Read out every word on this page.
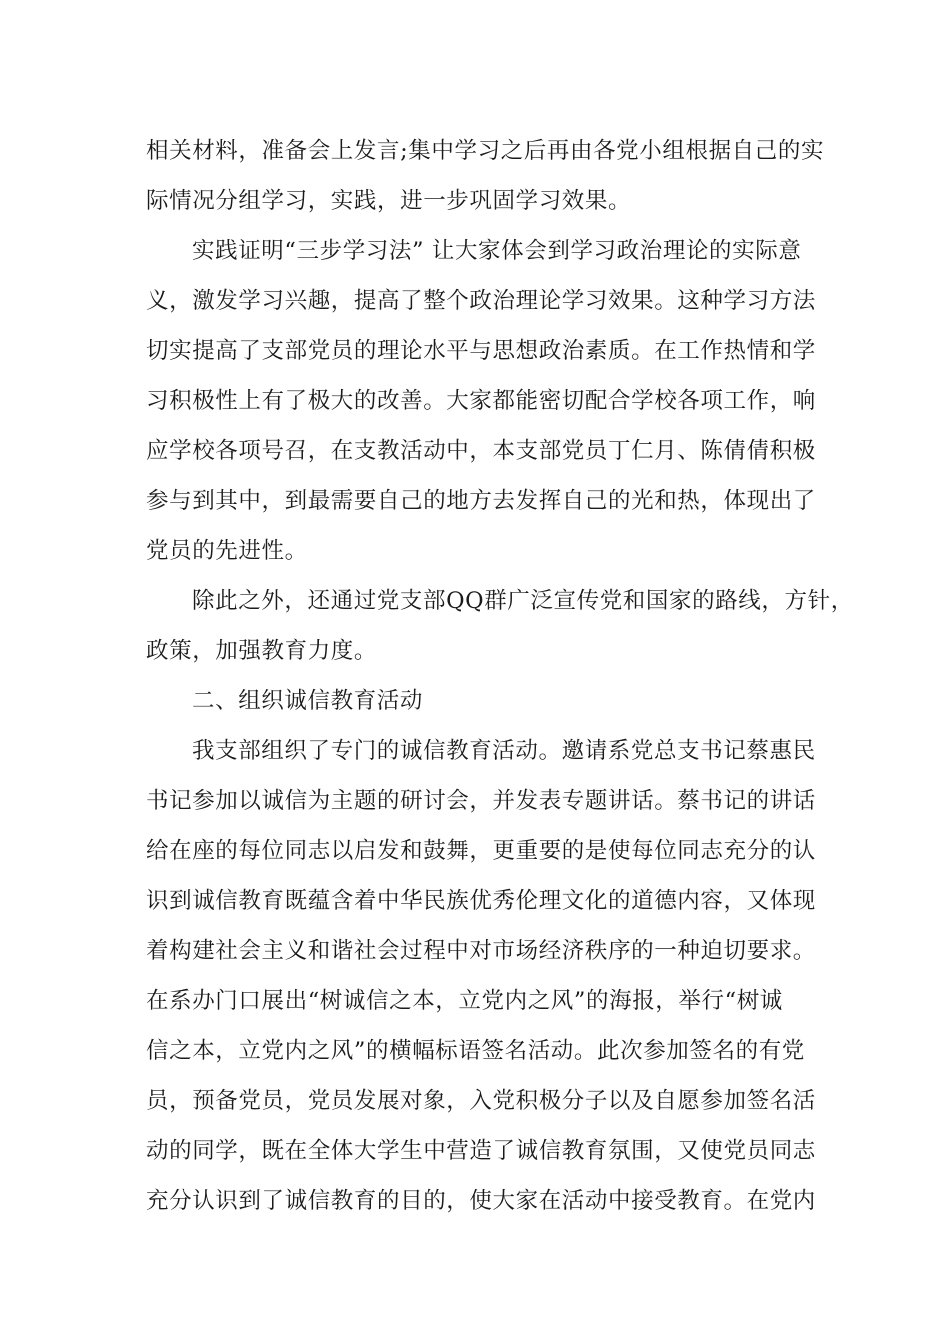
相关材料，准备会上发言;集中学习之后再由各党小组根据自己的实
际情况分组学习，实践，进一步巩固学习效果。
实践证明“三步学习法” 让大家体会到学习政治理论的实际意
义，激发学习兴趣，提高了整个政治理论学习效果。这种学习方法
切实提高了支部党员的理论水平与思想政治素质。在工作热情和学
习积极性上有了极大的改善。大家都能密切配合学校各项工作，响
应学校各项号召，在支教活动中，本支部党员丁仁月、陈倩倩积极
参与到其中，到最需要自己的地方去发挥自己的光和热，体现出了
党员的先进性。
除此之外，还通过党支部QQ群广泛宣传党和国家的路线，方针，
政策，加强教育力度。
二、组织诚信教育活动
我支部组织了专门的诚信教育活动。邀请系党总支书记蔡惠民
书记参加以诚信为主题的研讨会，并发表专题讲话。蔡书记的讲话
给在座的每位同志以启发和鼓舞，更重要的是使每位同志充分的认
识到诚信教育既蕴含着中华民族优秀伦理文化的道德内容，又体现
着构建社会主义和谐社会过程中对市场经济秩序的一种迫切要求。
在系办门口展出“树诚信之本，立党内之风”的海报，举行“树诚
信之本，立党内之风”的横幅标语签名活动。此次参加签名的有党
员，预备党员，党员发展对象，入党积极分子以及自愿参加签名活
动的同学，既在全体大学生中营造了诚信教育氛围，又使党员同志
充分认识到了诚信教育的目的，使大家在活动中接受教育。在党内
